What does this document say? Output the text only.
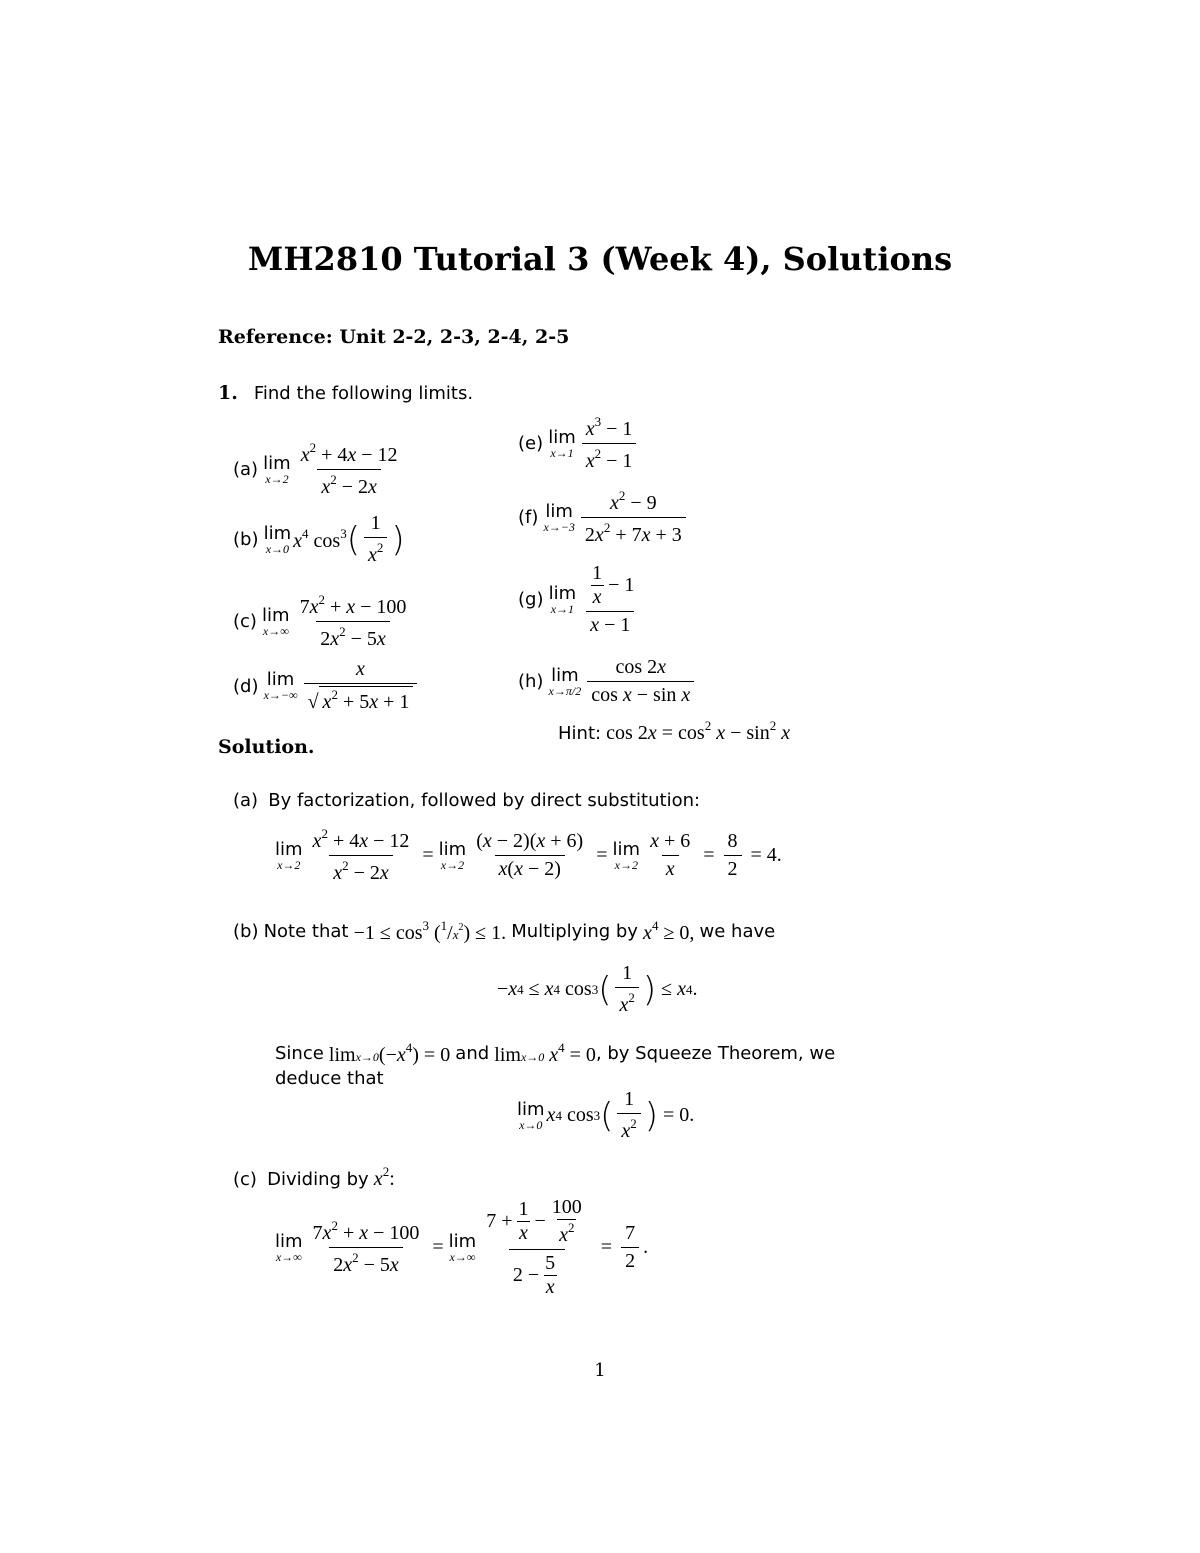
MH2810 Tutorial 3 (Week 4), Solutions
Reference: Unit 2-2, 2-3, 2-4, 2-5
1. Find the following limits.
(a)
lim
$x\to 2 \frac{x^2 + 4x - 12}{x^2 - 2x}$
(b)
lim
x→0 $x^4$ $\cos^3$ ( $\frac{1}{x^2}$ )
(c)
lim
$x\to\infty \frac{7x^2 + x - 100}{2x^2 - 5x}$
(d)
lim
$x\to-\infty \frac{x}{√ x^2 + 5x + 1}$
(e)
lim
$x\to 1 \frac{x^3 - 1}{x^2 - 1}$
(f)
lim
$x\to-3 \frac{x^2 - 9}{2x^2 + 7x + 3}$
(g)
lim
$x\to 1 \frac{\frac{1}{x} - 1}{x - 1}$
(h)
lim
$x\to\pi/2 \frac{\cos 2x}{\text{cos x − sin x}}$
Hint: $\cos 2x = \cos^2 x - \sin^2 x$
Solution.
(a) By factorization, followed by direct substitution:
lim
$x\to 2 \frac{x^2 + 4x - 12}{x^2 - 2x} = \lim$
$x\to 2 \frac{(x - 2)(x + 6)}{x(x - 2)} = \lim$
$x\to 2 \frac{x + 6}{x} = \frac{8}{2} = 4$.
(b)
Note that
$-1 \le \cos^3 (^1/x^2) \le 1$.
Multiplying by
$x^4 \ge 0$,
we have
− x 4 ≤ x 4 cos 3 ( $\frac{1}{x^2}$ ) ≤ x 4 .
Since
$\lim x\to 0(-x^4) = 0$
and
limx→0 $x^4 = 0$ , by Squeeze Theorem, we
deduce that
lim
x→0 x 4 cos 3 ( $\frac{1}{x^2}$ ) = 0.
(c) Dividing by $x^2$:
lim
$x\to\infty \frac{7x^2 + x - 100}{2x^2 - 5x} = \lim$
$x\to\infty \frac{7 + \frac{1}{x} - \frac{100}{x^2}}{2 - \frac{5}{x}} = \frac{7}{2}$ .
1
